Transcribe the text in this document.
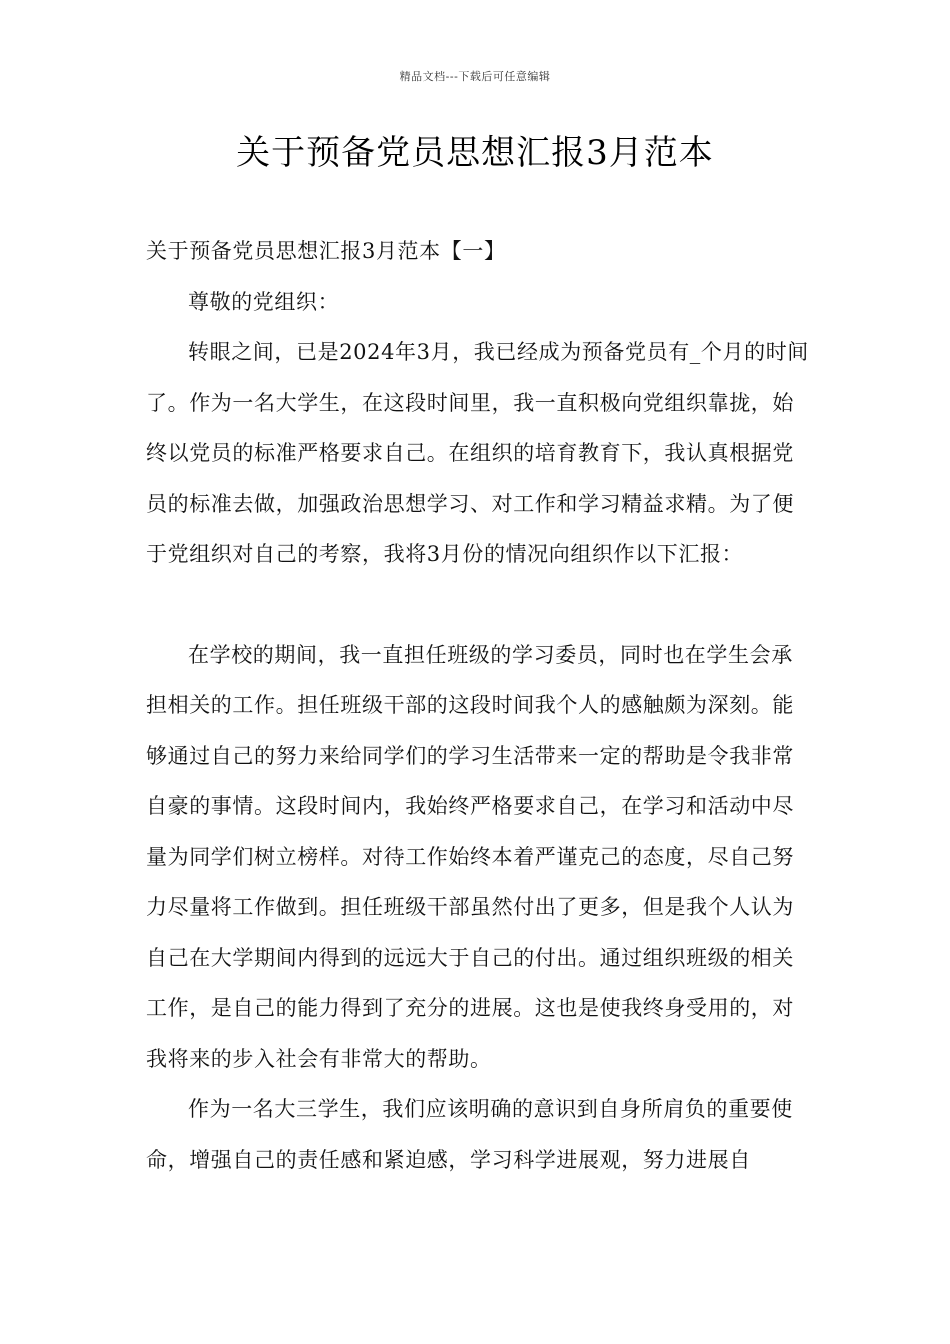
精品文档---下载后可任意编辑
关于预备党员思想汇报3月范本

关于预备党员思想汇报3月范本【一】

尊敬的党组织：

转眼之间，已是2024年3月，我已经成为预备党员有_个月的时间了。作为一名大学生，在这段时间里，我一直积极向党组织靠拢，始终以党员的标准严格要求自己。在组织的培育教育下，我认真根据党员的标准去做，加强政治思想学习、对工作和学习精益求精。为了便于党组织对自己的考察，我将3月份的情况向组织作以下汇报：

在学校的期间，我一直担任班级的学习委员，同时也在学生会承担相关的工作。担任班级干部的这段时间我个人的感触颇为深刻。能够通过自己的努力来给同学们的学习生活带来一定的帮助是令我非常自豪的事情。这段时间内，我始终严格要求自己，在学习和活动中尽量为同学们树立榜样。对待工作始终本着严谨克己的态度，尽自己努力尽量将工作做到。担任班级干部虽然付出了更多，但是我个人认为自己在大学期间内得到的远远大于自己的付出。通过组织班级的相关工作，是自己的能力得到了充分的进展。这也是使我终身受用的，对我将来的步入社会有非常大的帮助。

作为一名大三学生，我们应该明确的意识到自身所肩负的重要使命，增强自己的责任感和紧迫感，学习科学进展观，努力进展自
